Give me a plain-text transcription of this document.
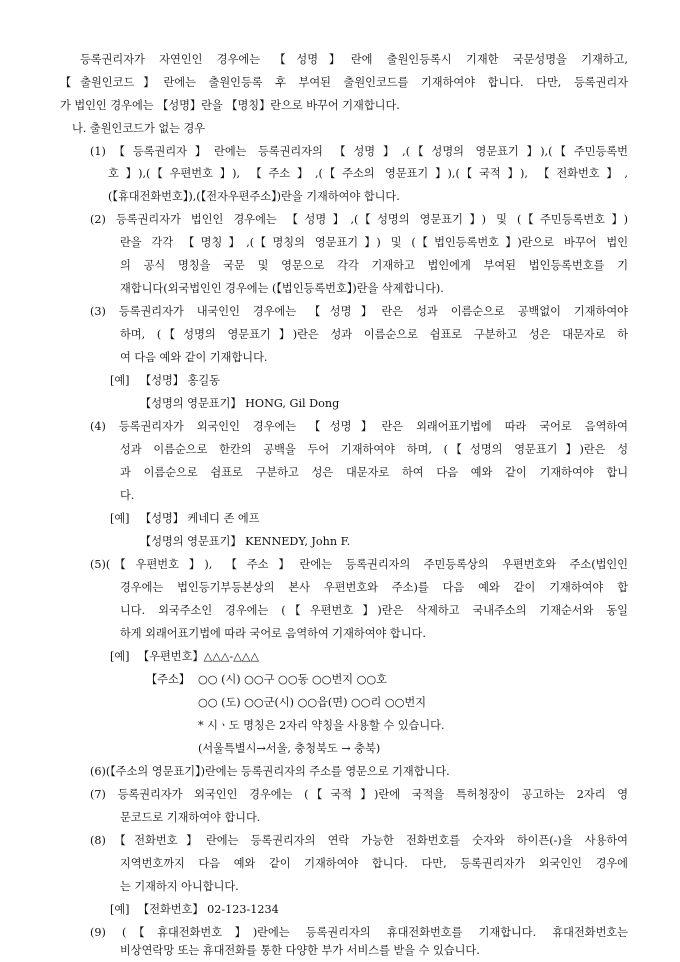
등록권리자가 자연인인 경우에는 【성명】란에 출원인등록시 기재한 국문성명을 기재하고,
【출원인코드】란에는 출원인등록 후 부여된 출원인코드를 기재하여야 합니다. 다만, 등록권리자
가 법인인 경우에는 【성명】란을 【명칭】란으로 바꾸어 기재합니다.
나. 출원인코드가 없는 경우
(1)【등록권리자】란에는 등록권리자의 【성명】,(【성명의 영문표기】),(【주민등록번
호】),(【우편번호】), 【주소】,(【주소의 영문표기】),(【국적】), 【전화번호】,
(【휴대전화번호】),(【전자우편주소】)란을 기재하여야 합니다.
(2) 등록권리자가 법인인 경우에는 【성명】,(【성명의 영문표기】) 및 (【주민등록번호】)
란을 각각 【명칭】,(【명칭의 영문표기】) 및 (【법인등록번호】)란으로 바꾸어 법인
의 공식 명칭을 국문 및 영문으로 각각 기재하고 법인에게 부여된 법인등록번호를 기
재합니다(외국법인인 경우에는 (【법인등록번호】)란을 삭제합니다).
(3) 등록권리자가 내국인인 경우에는 【성명】란은 성과 이름순으로 공백없이 기재하여야
하며, (【성명의 영문표기】)란은 성과 이름순으로 쉼표로 구분하고 성은 대문자로 하
여 다음 예와 같이 기재합니다.
[예] 【성명】 홍길동
【성명의 영문표기】 HONG, Gil Dong
(4) 등록권리자가 외국인인 경우에는 【성명】란은 외래어표기법에 따라 국어로 음역하여
성과 이름순으로 한칸의 공백을 두어 기재하여야 하며, (【성명의 영문표기】)란은 성
과 이름순으로 쉼표로 구분하고 성은 대문자로 하여 다음 예와 같이 기재하여야 합니
다.
[예] 【성명】 케네디 존 에프
【성명의 영문표기】 KENNEDY, John F.
(5)(【우편번호】), 【주소】란에는 등록권리자의 주민등록상의 우편번호와 주소(법인인
경우에는 법인등기부등본상의 본사 우편번호와 주소)를 다음 예와 같이 기재하여야 합
니다. 외국주소인 경우에는 (【우편번호】)란은 삭제하고 국내주소의 기재순서와 동일
하게 외래어표기법에 따라 국어로 음역하여 기재하여야 합니다.
[예] 【우편번호】△△△-△△△
【주소】 ○○ (시) ○○구 ○○동 ○○번지 ○○호
○○ (도) ○○군(시) ○○읍(면) ○○리 ○○번지
* 시ㆍ도 명칭은 2자리 약칭을 사용할 수 있습니다.
(서울특별시→서울, 충청북도 → 충북)
(6)(【주소의 영문표기】)란에는 등록권리자의 주소를 영문으로 기재합니다.
(7) 등록권리자가 외국인인 경우에는 (【국적】)란에 국적을 특허청장이 공고하는 2자리 영
문코드로 기재하여야 합니다.
(8)【전화번호】란에는 등록권리자의 연락 가능한 전화번호를 숫자와 하이픈(-)을 사용하여
지역번호까지 다음 예와 같이 기재하여야 합니다. 다만, 등록권리자가 외국인인 경우에
는 기재하지 아니합니다.
[예] 【전화번호】 02-123-1234
(9) (【휴대전화번호】)란에는 등록권리자의 휴대전화번호를 기재합니다. 휴대전화번호는
비상연락망 또는 휴대전화를 통한 다양한 부가 서비스를 받을 수 있습니다.
